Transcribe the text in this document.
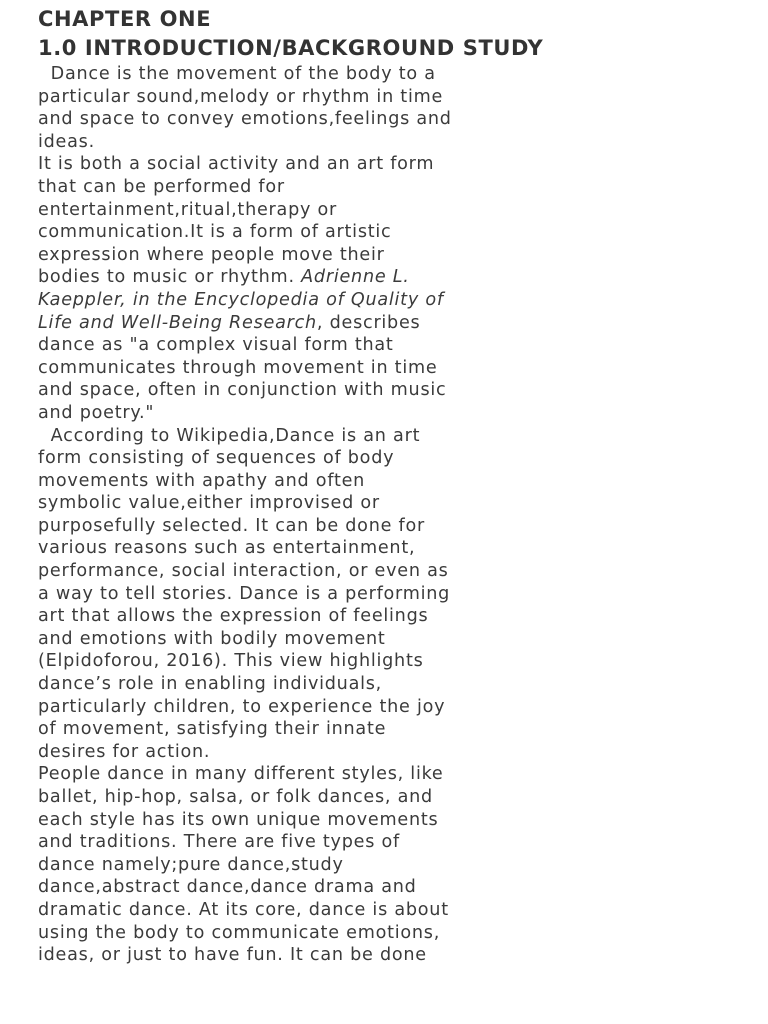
CHAPTER ONE
1.0 INTRODUCTION/BACKGROUND STUDY
Dance is the movement of the body to a
particular sound,melody or rhythm in time
and space to convey emotions,feelings and
ideas.
It is both a social activity and an art form
that can be performed for
entertainment,ritual,therapy or
communication.It is a form of artistic
expression where people move their
bodies to music or rhythm. Adrienne L.
Kaeppler, in the Encyclopedia of Quality of
Life and Well-Being Research, describes
dance as "a complex visual form that
communicates through movement in time
and space, often in conjunction with music
and poetry."
According to Wikipedia,Dance is an art
form consisting of sequences of body
movements with apathy and often
symbolic value,either improvised or
purposefully selected. It can be done for
various reasons such as entertainment,
performance, social interaction, or even as
a way to tell stories. Dance is a performing
art that allows the expression of feelings
and emotions with bodily movement
(Elpidoforou, 2016). This view highlights
dance’s role in enabling individuals,
particularly children, to experience the joy
of movement, satisfying their innate
desires for action.
People dance in many different styles, like
ballet, hip-hop, salsa, or folk dances, and
each style has its own unique movements
and traditions. There are five types of
dance namely;pure dance,study
dance,abstract dance,dance drama and
dramatic dance. At its core, dance is about
using the body to communicate emotions,
ideas, or just to have fun. It can be done
